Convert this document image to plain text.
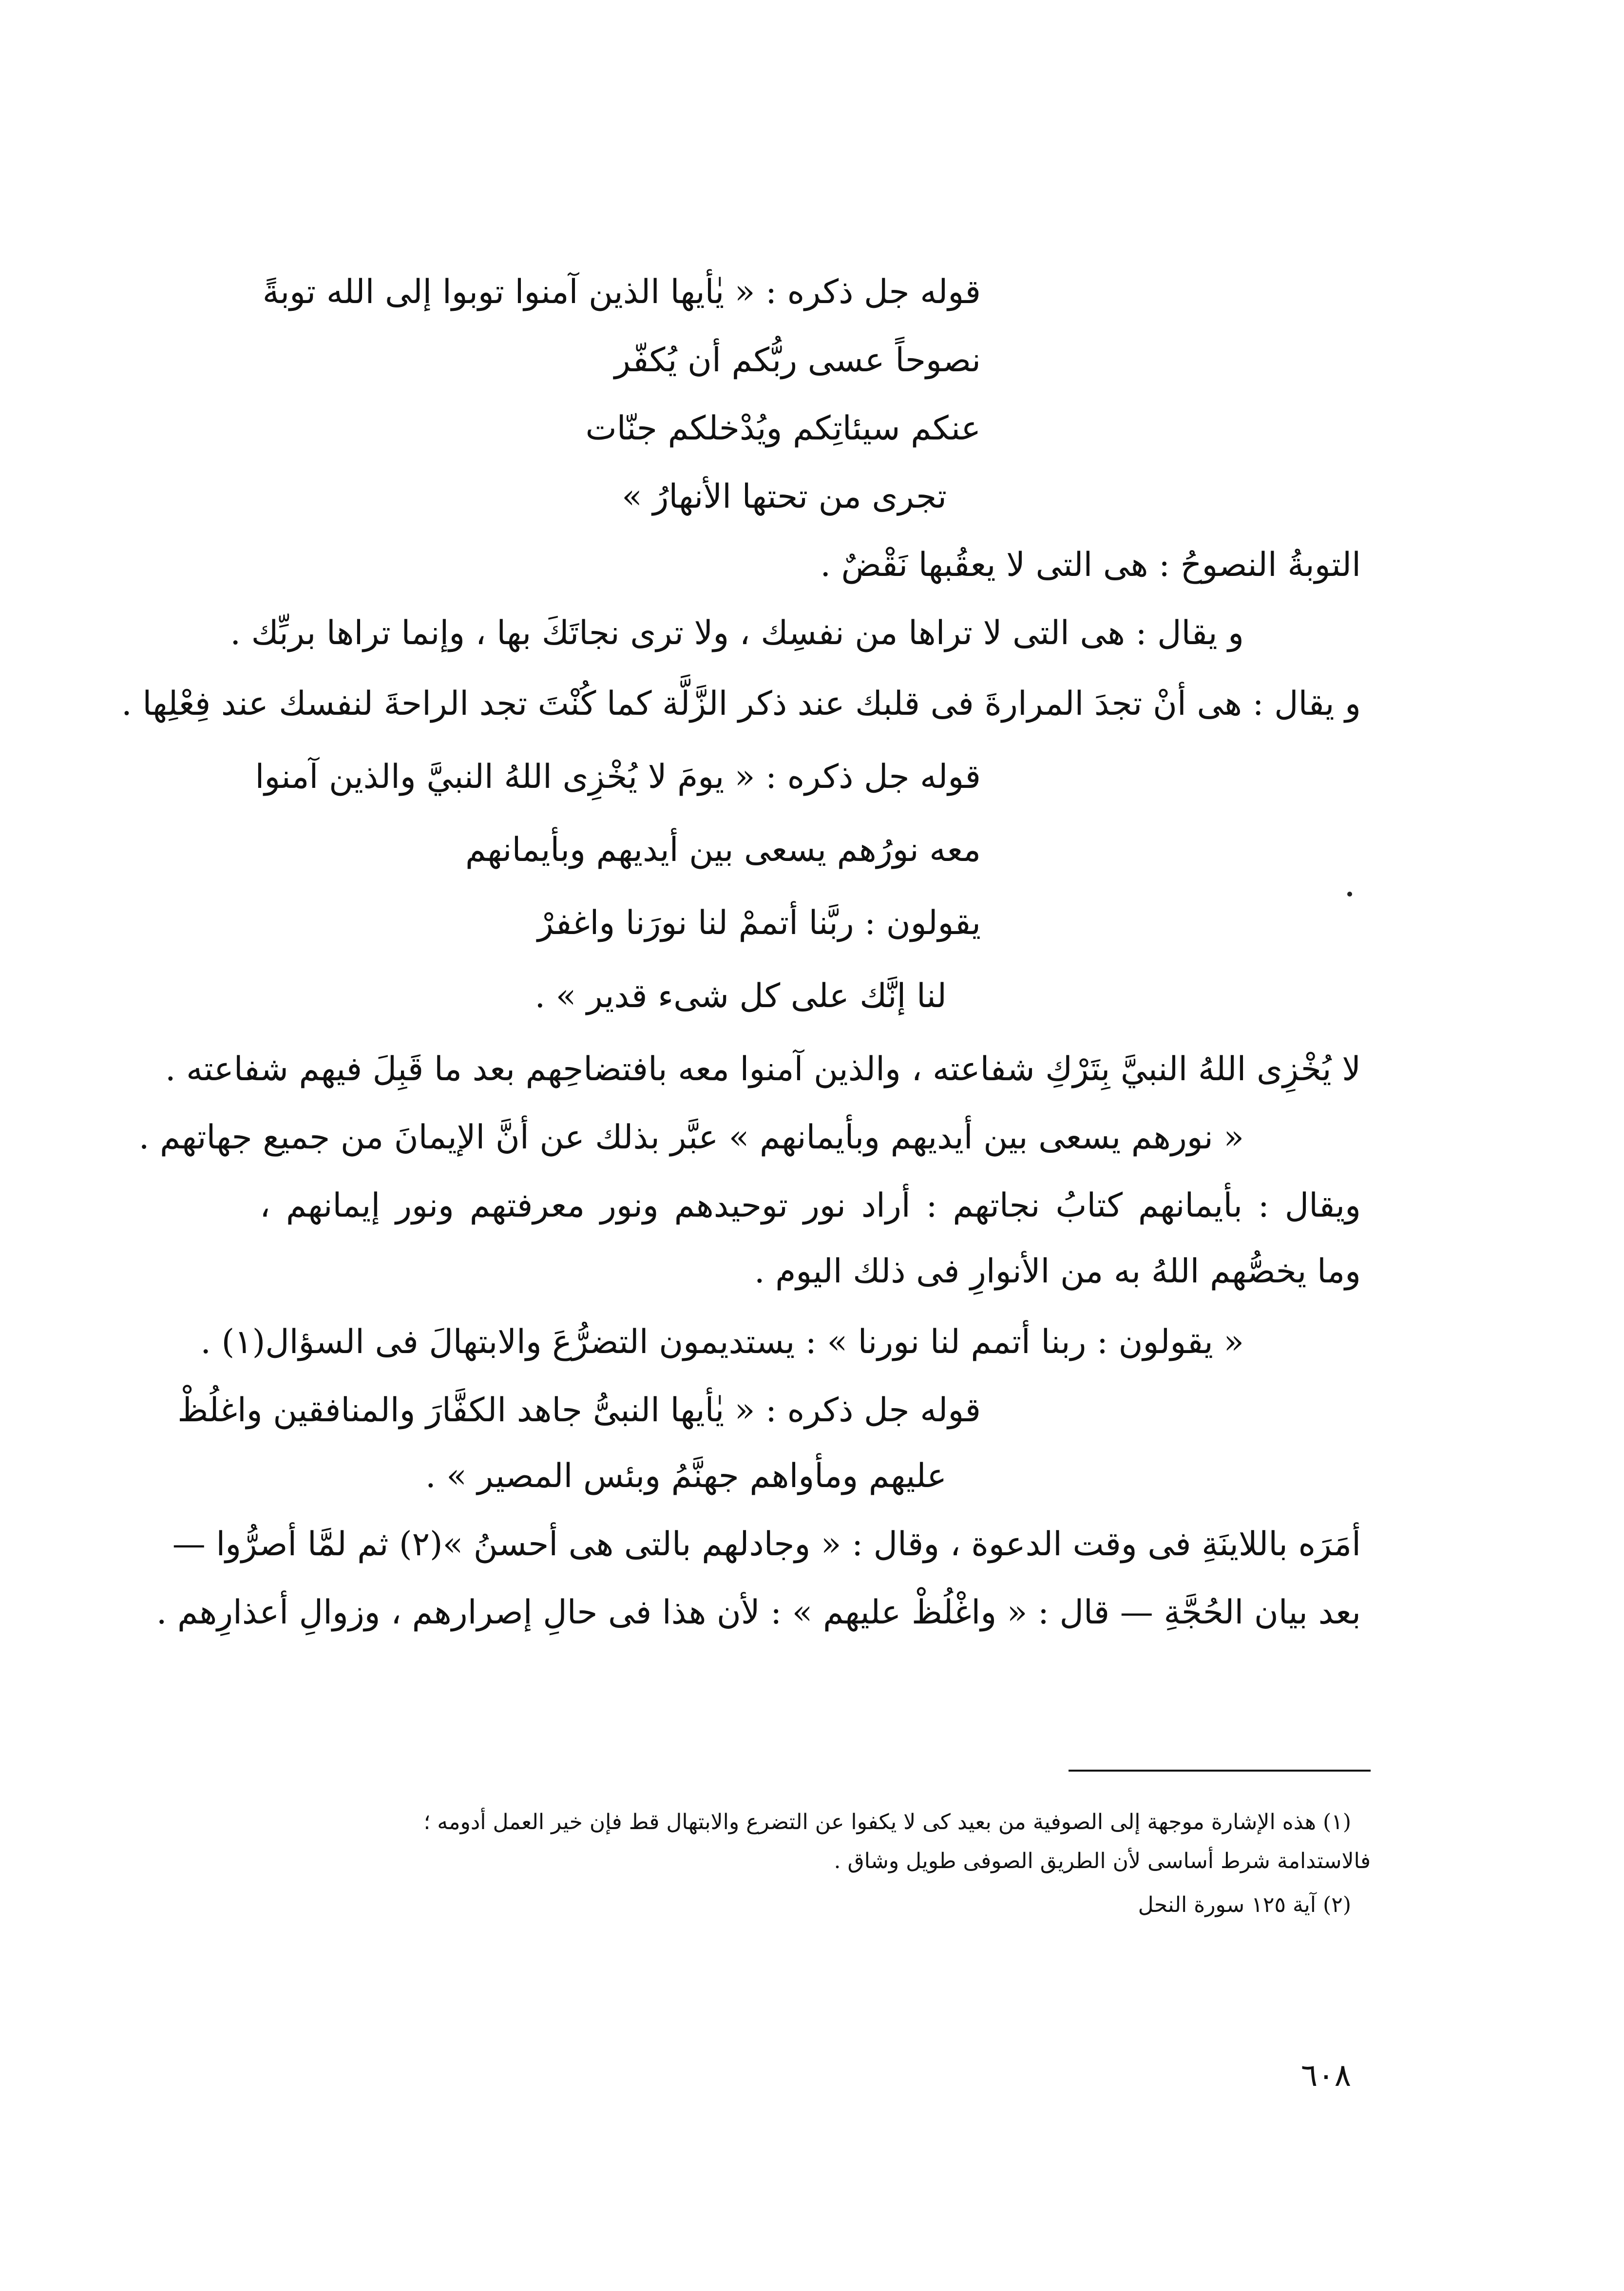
قوله جل ذكره : « يٰأيها الذين آمنوا توبوا إلى الله توبةً
نصوحاً عسى ربُّكم أن يُكفّر
عنكم سيئاتِكم ويُدْخلكم جنّات
تجرى من تحتها الأنهارُ »
التوبةُ النصوحُ : هى التى لا يعقُبها نَقْضٌ .
و يقال : هى التى لا تراها من نفسِك ، ولا ترى نجاتَكَ بها ، وإنما تراها بربِّك .
و يقال : هى أنْ تجدَ المرارةَ فى قلبك عند ذكر الزَّلَّة كما كُنْتَ تجد الراحةَ لنفسك عند فِعْلِها .
قوله جل ذكره : « يومَ لا يُخْزِى اللهُ النبيَّ والذين آمنوا
معه نورُهم يسعى بين أيديهم وبأيمانهم
يقولون : ربَّنا أتممْ لنا نورَنا واغفرْ
لنا إنَّك على كل شىء قدير » .
لا يُخْزِى اللهُ النبيَّ بِتَرْكِ شفاعته ، والذين آمنوا معه بافتضاحِهم بعد ما قَبِلَ فيهم شفاعته .
« نورهم يسعى بين أيديهم وبأيمانهم » عبَّر بذلك عن أنَّ الإيمانَ من جميع جهاتهم .
ويقال : بأيمانهم كتابُ نجاتهم : أراد نور توحيدهم ونور معرفتهم ونور إيمانهم ،
وما يخصُّهم اللهُ به من الأنوارِ فى ذلك اليوم .
« يقولون : ربنا أتمم لنا نورنا » : يستديمون التضرُّعَ والابتهالَ فى السؤال(١) .
قوله جل ذكره : « يٰأيها النبىُّ جاهد الكفَّارَ والمنافقين واغلُظْ
عليهم ومأواهم جهنَّمُ وبئس المصير » .
أمَرَه باللاينَةِ فى وقت الدعوة ، وقال : « وجادلهم بالتى هى أحسنُ »(٢) ثم لمَّا أصرُّوا —
بعد بيان الحُجَّةِ — قال : « واغْلُظْ عليهم » : لأن هذا فى حالِ إصرارهم ، وزوالِ أعذارِهم .
(١) هذه الإشارة موجهة إلى الصوفية من بعيد كى لا يكفوا عن التضرع والابتهال قط فإن خير العمل أدومه ؛
فالاستدامة شرط أساسى لأن الطريق الصوفى طويل وشاق .
(٢) آية ١٢٥ سورة النحل
٦٠٨
